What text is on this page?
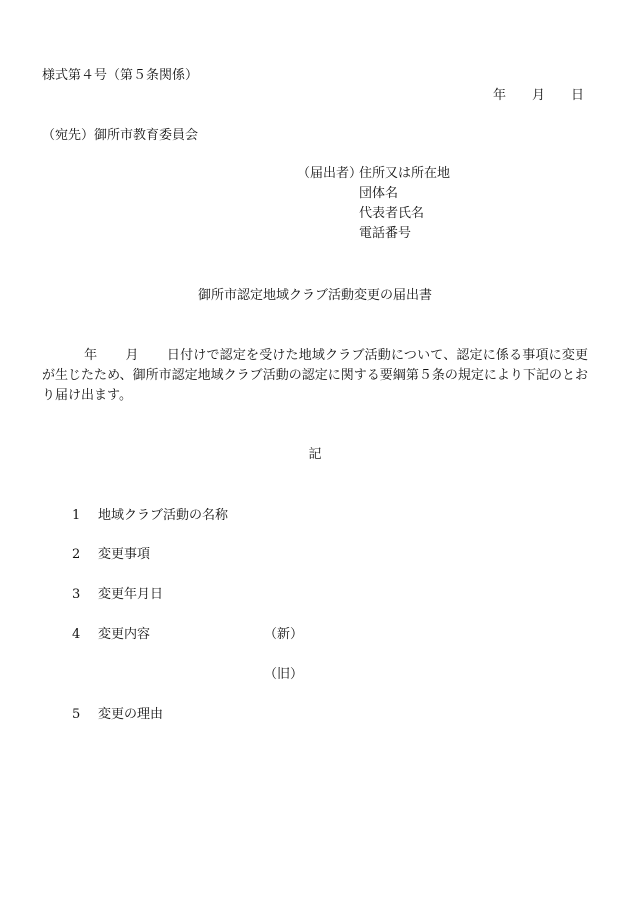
様式第４号（第５条関係）
年 月 日
（宛先）御所市教育委員会
（届出者）
住所又は所在地
団体名
代表者氏名
電話番号
御所市認定地域クラブ活動変更の届出書
年 月 日付けで認定を受けた地域クラブ活動について、認定に係る事項に変更が生じたため、御所市認定地域クラブ活動の認定に関する要綱第５条の規定により下記のとおり届け出ます。
記
1 地域クラブ活動の名称
2 変更事項
3 変更年月日
4 変更内容	（新）
（旧）
5 変更の理由
